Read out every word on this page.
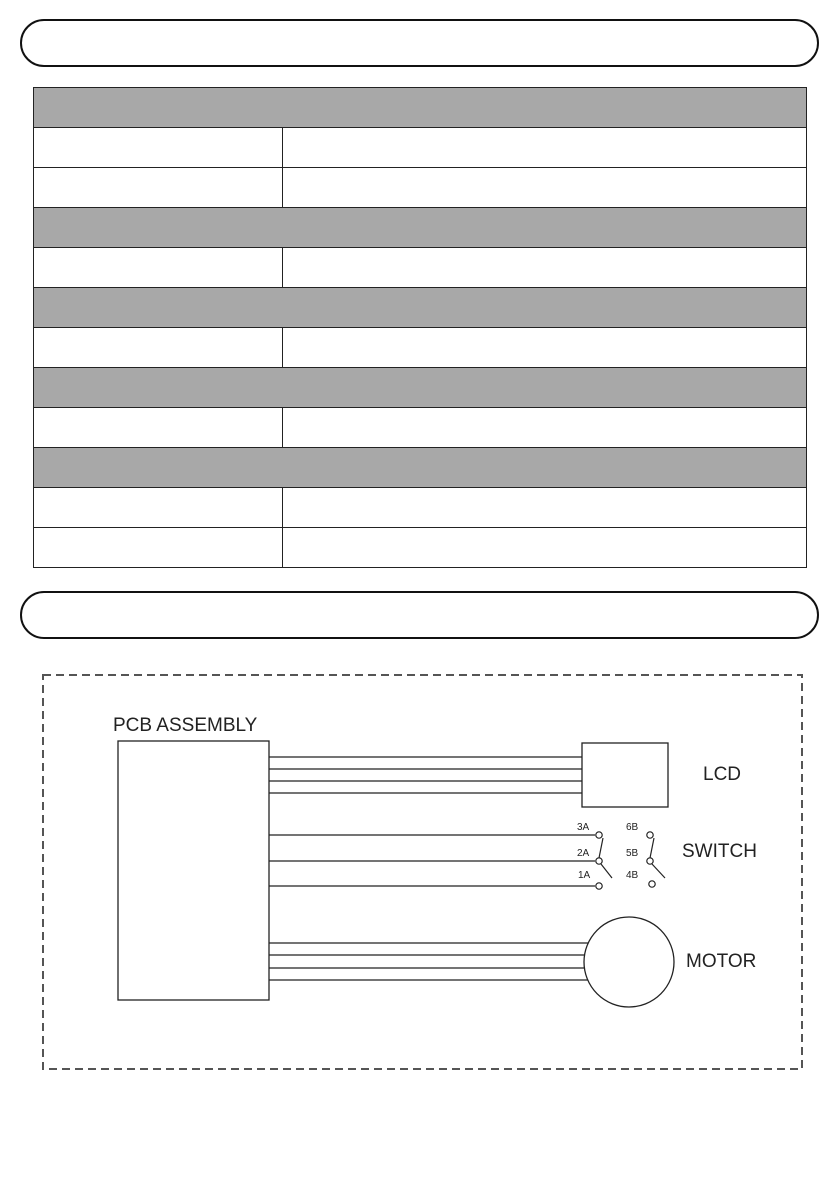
PCB ASSEMBLY
LCD
3A
2A
1A
6B
5B
4B
SWITCH
MOTOR
